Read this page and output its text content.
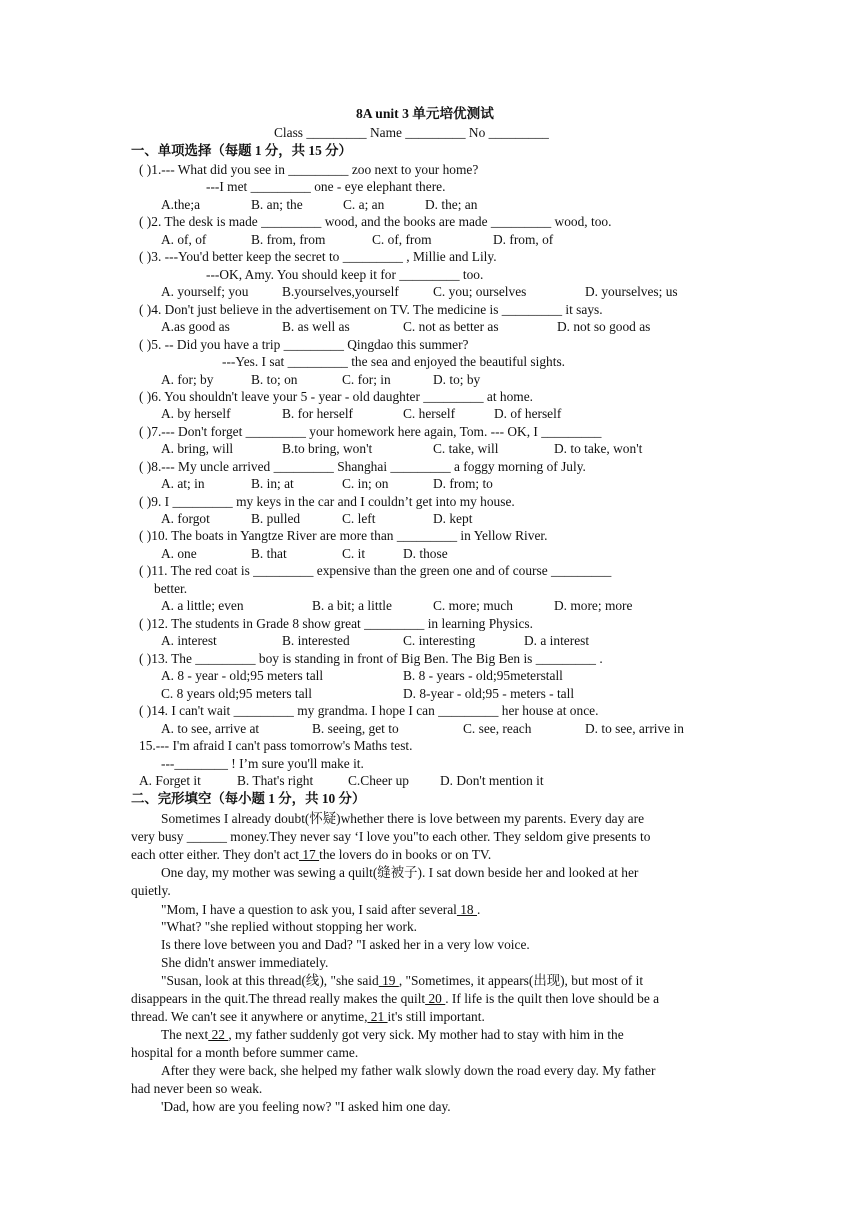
8A unit 3 单元培优测试
Class _________ Name _________ No _________
一、单项选择（每题 1 分，共 15 分）
( )1.--- What did you see in _________ zoo next to your home?
---I met _________ one - eye elephant there.
A.the;a	B. an; the	C. a; an	D. the; an
( )2. The desk is made _________ wood, and the books are made _________ wood, too.
A. of, of	B. from, from	C. of, from	D. from, of
( )3. ---You'd better keep the secret to _________ , Millie and Lily.
---OK, Amy. You should keep it for _________ too.
A. yourself; you	B.yourselves,yourself	C. you; ourselves	D. yourselves; us
( )4. Don't just believe in the advertisement on TV. The medicine is _________ it says.
A.as good as	B. as well as	C. not as better as	D. not so good as
( )5. -- Did you have a trip _________ Qingdao this summer?
---Yes. I sat _________ the sea and enjoyed the beautiful sights.
A. for; by	B. to; on	C. for; in	D. to; by
( )6. You shouldn't leave your 5 - year - old daughter _________ at home.
A. by herself	B. for herself	C. herself	D. of herself
( )7.--- Don't forget _________ your homework here again, Tom. --- OK, I _________
A. bring, will	B.to bring, won't	C. take, will	D. to take, won't
( )8.--- My uncle arrived _________ Shanghai _________ a foggy morning of July.
A. at; in	B. in; at	C. in; on	D. from; to
( )9. I _________ my keys in the car and I couldn’t get into my house.
A. forgot	B. pulled	C. left	D. kept
( )10. The boats in Yangtze River are more than _________ in Yellow River.
A. one	B. that	C. it	D. those
( )11. The red coat is _________ expensive than the green one and of course _________
better.
A. a little; even	B. a bit; a little	C. more; much	D. more; more
( )12. The students in Grade 8 show great _________ in learning Physics.
A. interest	B. interested	C. interesting	D. a interest
( )13. The _________ boy is standing in front of Big Ben. The Big Ben is _________ .
A. 8 - year - old;95 meters tall	B. 8 - years - old;95meterstall
C. 8 years old;95 meters tall	D. 8-year - old;95 - meters - tall
( )14. I can't wait _________ my grandma. I hope I can _________ her house at once.
A. to see, arrive at	B. seeing, get to	C. see, reach	D. to see, arrive in
15.--- I'm afraid I can't pass tomorrow's Maths test.
---________ ! I’m sure you'll make it.
A. Forget it	B. That's right	C.Cheer up D. Don't mention it
二、完形填空（每小题 1 分，共 10 分）
Sometimes I already doubt(怀疑)whether there is love between my parents. Every day are
very busy ______ money.They never say ‘I love you"to each other. They seldom give presents to
each otter either. They don't act 17 the lovers do in books or on TV.
One day, my mother was sewing a quilt(缝被子). I sat down beside her and looked at her
quietly.
"Mom, I have a question to ask you, I said after several 18 .
"What? "she replied without stopping her work.
Is there love between you and Dad? "I asked her in a very low voice.
She didn't answer immediately.
"Susan, look at this thread(线), "she said 19 , "Sometimes, it appears(出现), but most of it
disappears in the quit.The thread really makes the quilt 20 . If life is the quilt then love should be a
thread. We can't see it anywhere or anytime, 21 it's still important.
The next 22 , my father suddenly got very sick. My mother had to stay with him in the
hospital for a month before summer came.
After they were back, she helped my father walk slowly down the road every day. My father
had never been so weak.
'Dad, how are you feeling now? "I asked him one day.
